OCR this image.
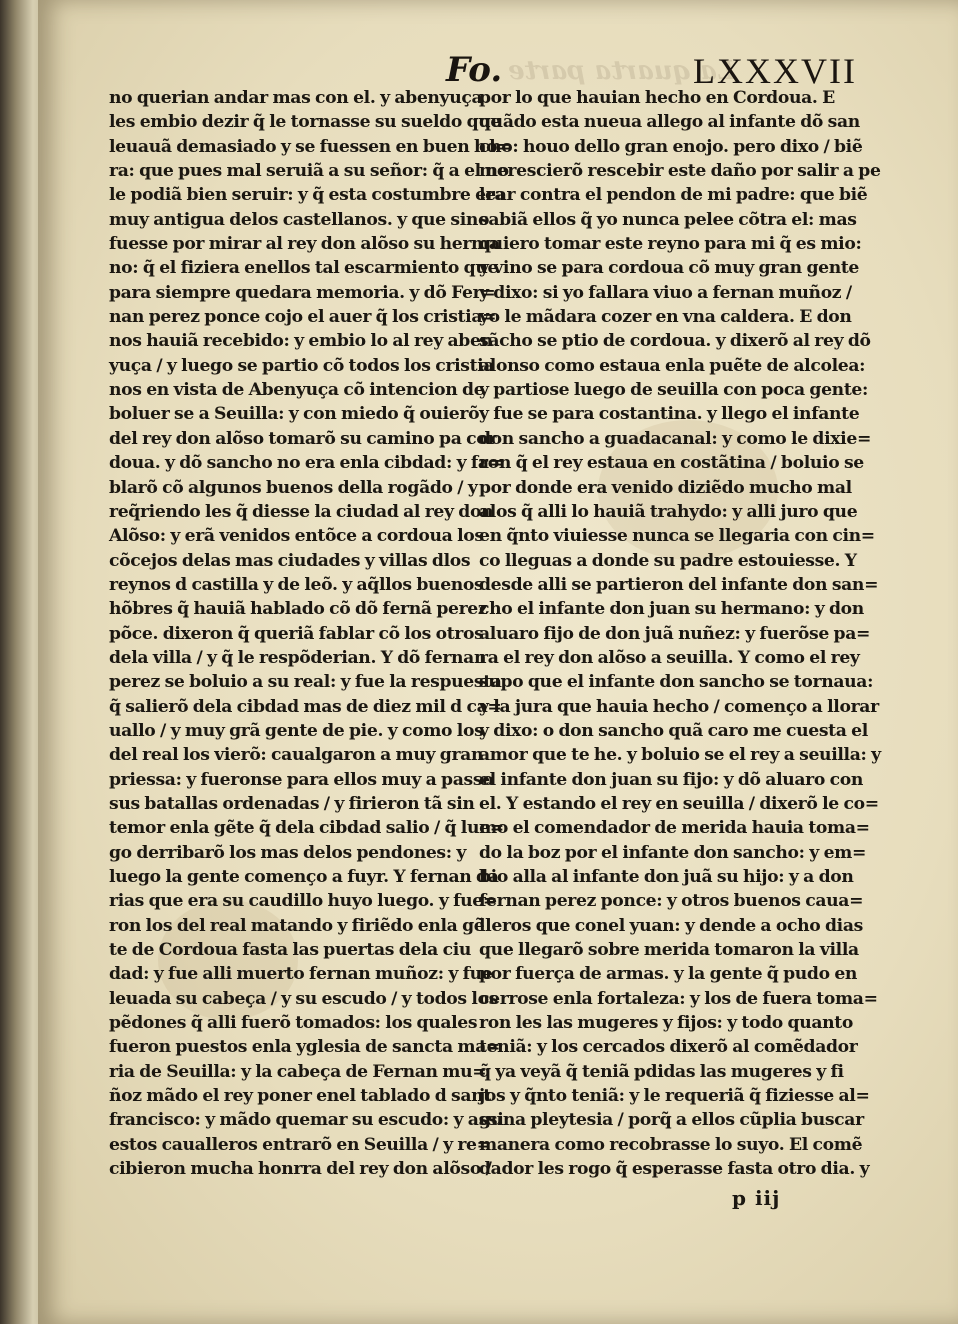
La quarta parte
Fo.	LXXXVII
no querian andar mas con el. y abenyuça
les embio dezir q̃ le tornasse su sueldo que
leuauã demasiado y se fuessen en buen ho=
ra: que pues mal seruiã a su señor: q̃ a el no
le podiã bien seruir: y q̃ esta costumbre era
muy antigua delos castellanos. y que sino
fuesse por mirar al rey don alõso su herma
no: q̃ el fiziera enellos tal escarmiento que
para siempre quedara memoria. y dõ Fer=
nan perez ponce cojo el auer q̃ los cristia=
nos hauiã recebido: y embio lo al rey aben
yuça / y luego se partio cõ todos los cristia
nos en vista de Abenyuça cõ intencion de
boluer se a Seuilla: y con miedo q̃ ouierõ
del rey don alõso tomarõ su camino pa cor
doua. y dõ sancho no era enla cibdad: y fa=
blarõ cõ algunos buenos della rogãdo / y
req̃riendo les q̃ diesse la ciudad al rey don
Alõso: y erã venidos entõce a cordoua los
cõcejos delas mas ciudades y villas dlos
reynos d castilla y de leõ. y aq̃llos buenos
hõbres q̃ hauiã hablado cõ dõ fernã perez
põce. dixeron q̃ queriã fablar cõ los otros
dela villa / y q̃ le respõderian. Y dõ fernan
perez se boluio a su real: y fue la respuesta
q̃ salierõ dela cibdad mas de diez mil d ca=
uallo / y muy grã gente de pie. y como los
del real los vierõ: caualgaron a muy gran
priessa: y fueronse para ellos muy a passo
sus batallas ordenadas / y firieron tã sin
temor enla gẽte q̃ dela cibdad salio / q̃ lue=
go derribarõ los mas delos pendones: y
luego la gente començo a fuyr. Y fernan da
rias que era su caudillo huyo luego. y fue=
ron los del real matando y firiẽdo enla gẽ
te de Cordoua fasta las puertas dela ciu
dad: y fue alli muerto fernan muñoz: y fue
leuada su cabeça / y su escudo / y todos los
pẽdones q̃ alli fuerõ tomados: los quales
fueron puestos enla yglesia de sancta ma=
ria de Seuilla: y la cabeça de Fernan mu=
ñoz mãdo el rey poner enel tablado d sant
francisco: y mãdo quemar su escudo: y assi
estos caualleros entrarõ en Seuilla / y re=
cibieron mucha honrra del rey don alõso /
por lo que hauian hecho en Cordoua. E
quãdo esta nueua allego al infante dõ san
cho: houo dello gran enojo. pero dixo / biẽ
merescierõ rescebir este daño por salir a pe
lear contra el pendon de mi padre: que biẽ
sabiã ellos q̃ yo nunca pelee cõtra el: mas
quiero tomar este reyno para mi q̃ es mio:
y vino se para cordoua cõ muy gran gente
y dixo: si yo fallara viuo a fernan muñoz /
yo le mãdara cozer en vna caldera. E don
sãcho se ptio de cordoua. y dixerõ al rey dõ
alonso como estaua enla puẽte de alcolea:
y partiose luego de seuilla con poca gente:
y fue se para costantina. y llego el infante
don sancho a guadacanal: y como le dixie=
ron q̃ el rey estaua en costãtina / boluio se
por donde era venido diziẽdo mucho mal
alos q̃ alli lo hauiã trahydo: y alli juro que
en q̃nto viuiesse nunca se llegaria con cin=
co lleguas a donde su padre estouiesse. Y
desde alli se partieron del infante don san=
cho el infante don juan su hermano: y don
aluaro fijo de don juã nuñez: y fuerõse pa=
ra el rey don alõso a seuilla. Y como el rey
supo que el infante don sancho se tornaua:
y la jura que hauia hecho / començo a llorar
y dixo: o don sancho quã caro me cuesta el
amor que te he. y boluio se el rey a seuilla: y
el infante don juan su fijo: y dõ aluaro con
el. Y estando el rey en seuilla / dixerõ le co=
mo el comendador de merida hauia toma=
do la boz por el infante don sancho: y em=
bio alla al infante don juã su hijo: y a don
fernan perez ponce: y otros buenos caua=
lleros que conel yuan: y dende a ocho dias
que llegarõ sobre merida tomaron la villa
por fuerça de armas. y la gente q̃ pudo en
cerrose enla fortaleza: y los de fuera toma=
ron les las mugeres y fijos: y todo quanto
teniã: y los cercados dixerõ al comẽdador
q̃ ya veyã q̃ teniã pdidas las mugeres y fi
jos y q̃nto teniã: y le requeriã q̃ fiziesse al=
guna pleytesia / porq̃ a ellos cũplia buscar
manera como recobrasse lo suyo. El comẽ
dador les rogo q̃ esperasse fasta otro dia. y
p iij
